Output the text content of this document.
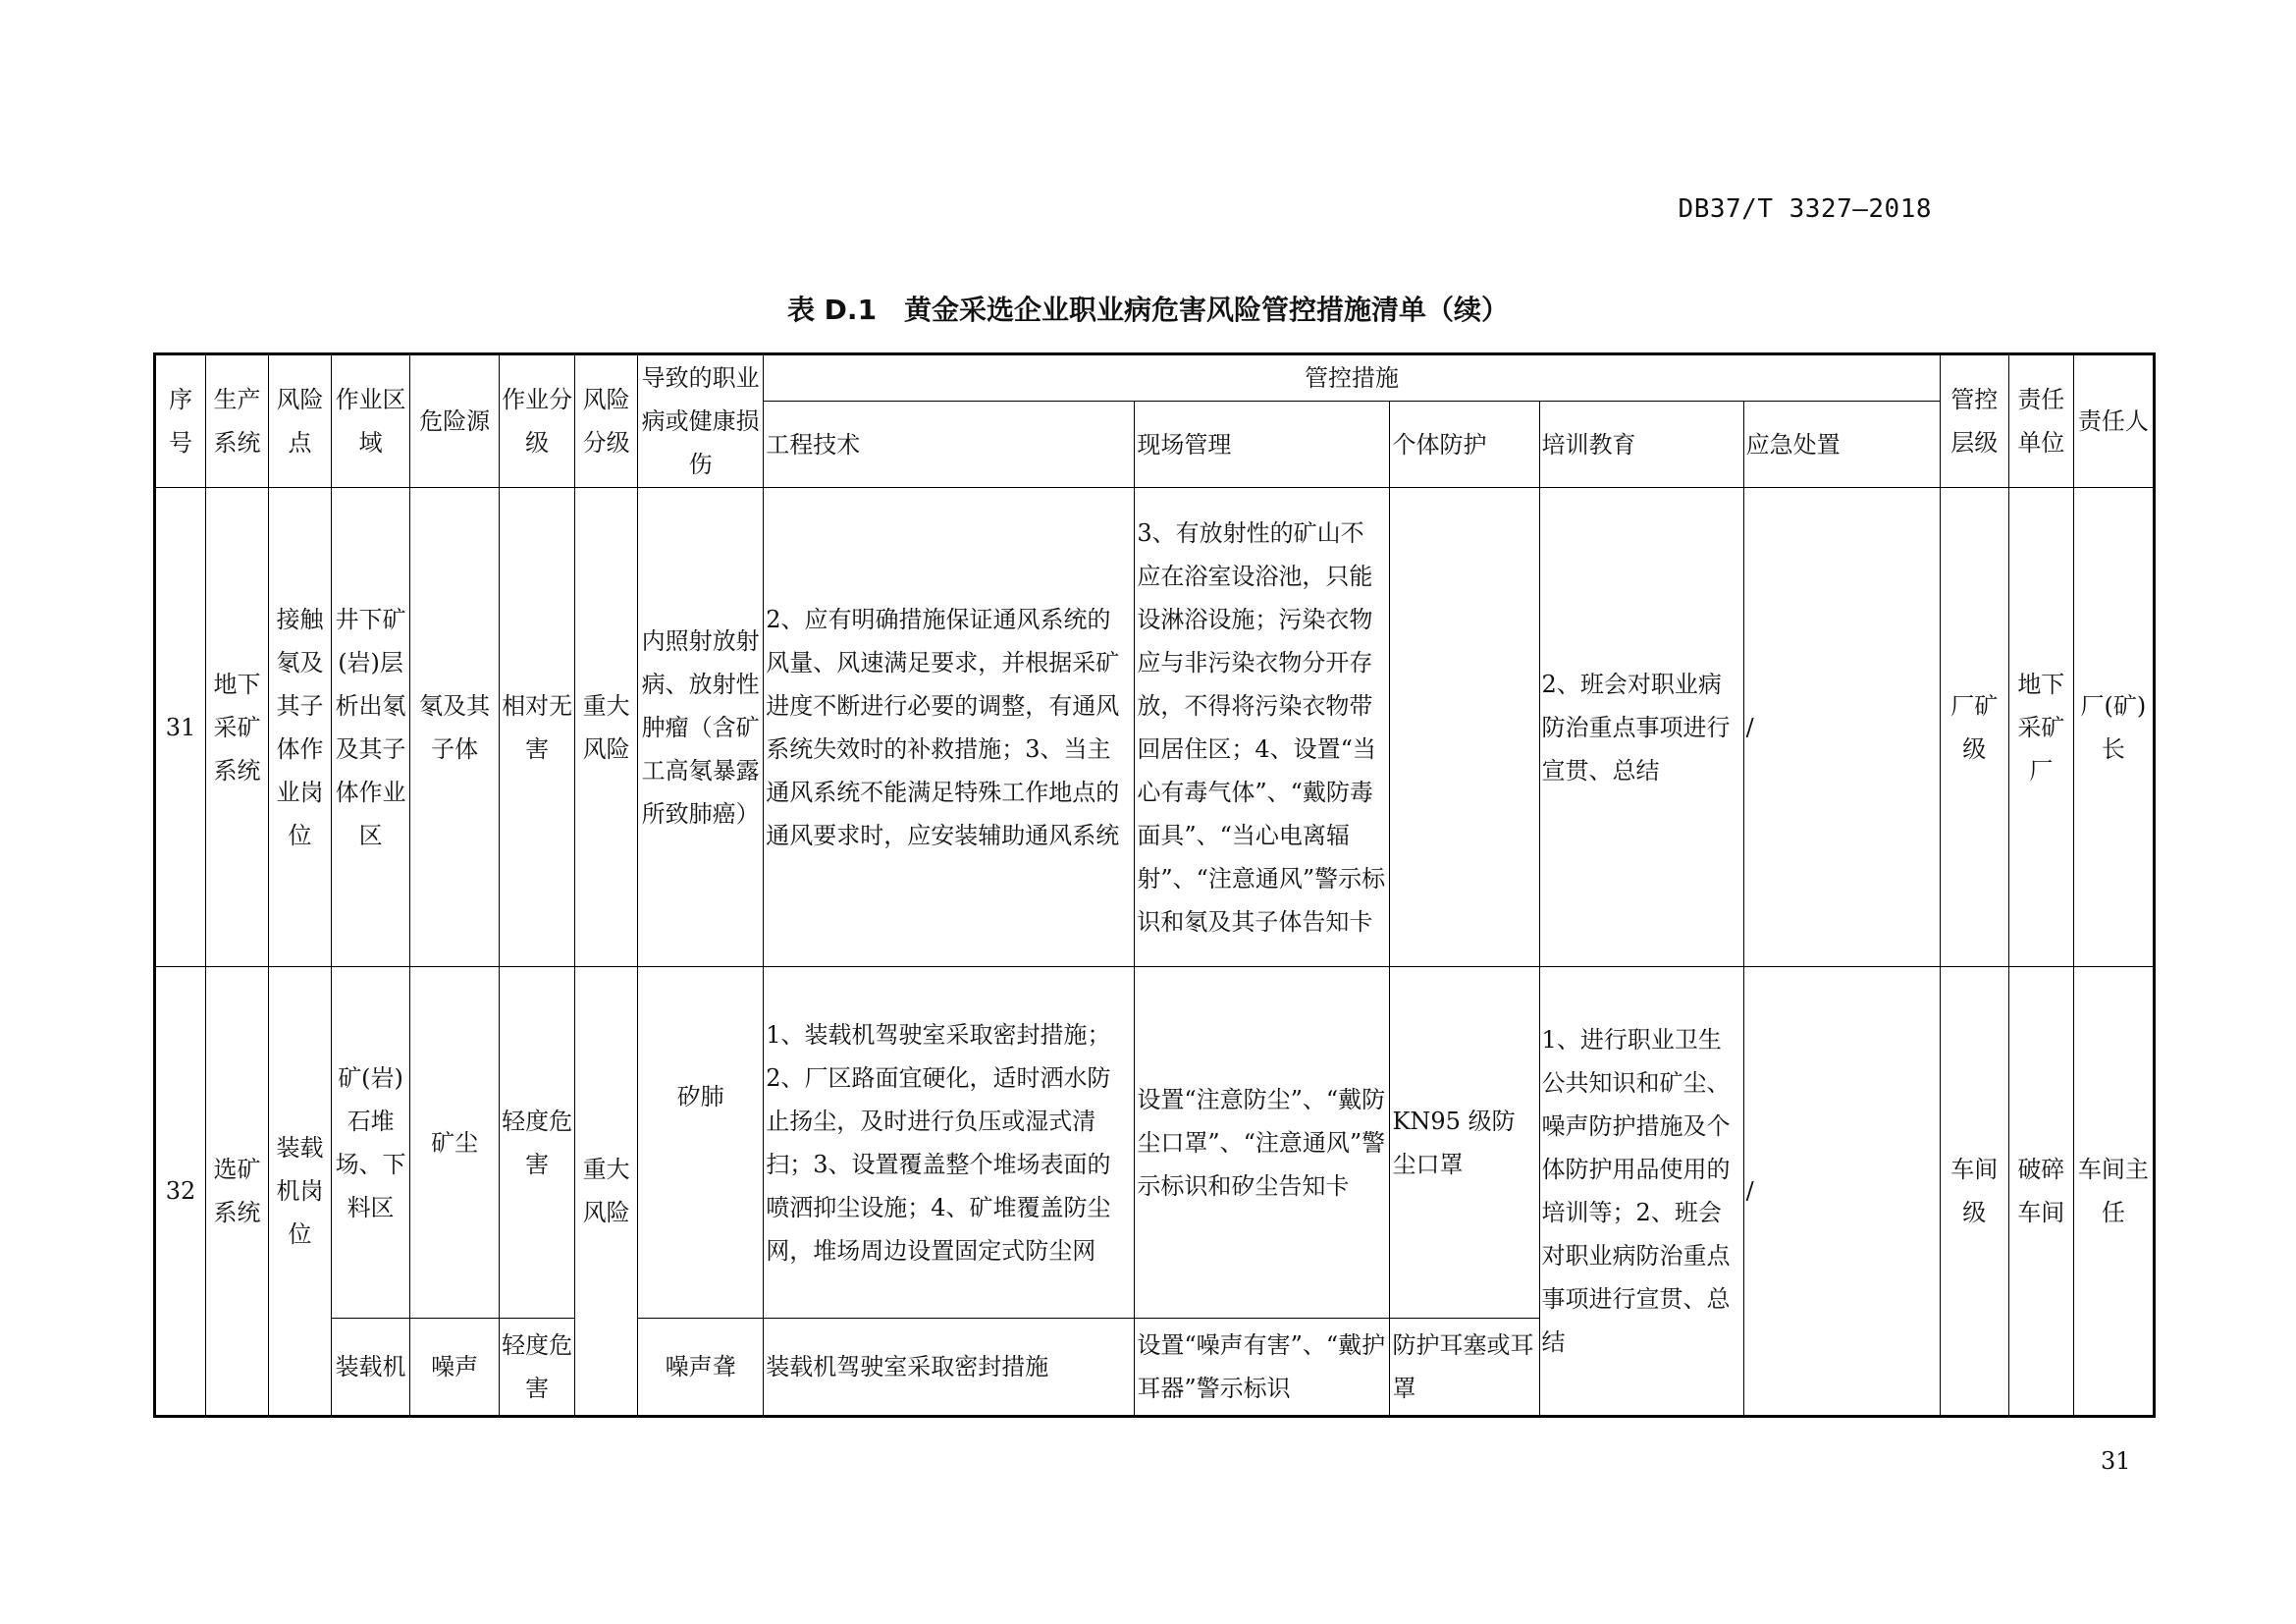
DB37/T 3327—2018
表 D.1　黄金采选企业职业病危害风险管控措施清单（续）
序号	生产系统	风险点	作业区域	危险源	作业分级	风险分级	导致的职业病或健康损伤	管控措施					管控层级	责任单位	责任人
								工程技术	现场管理	个体防护	培训教育	应急处置			
31	地下采矿系统	接触氡及其子体作业岗位	井下矿(岩)层析出氡及其子体作业区	氡及其子体	相对无害	重大风险	内照射放射病、放射性肿瘤（含矿工高氡暴露所致肺癌）	2、应有明确措施保证通风系统的风量、风速满足要求，并根据采矿进度不断进行必要的调整，有通风系统失效时的补救措施；3、当主通风系统不能满足特殊工作地点的通风要求时，应安装辅助通风系统	3、有放射性的矿山不应在浴室设浴池，只能设淋浴设施；污染衣物应与非污染衣物分开存放，不得将污染衣物带回居住区；4、设置“当心有毒气体”、“戴防毒面具”、“当心电离辐射”、“注意通风”警示标识和氡及其子体告知卡		2、班会对职业病防治重点事项进行宣贯、总结	/	厂矿级	地下采矿厂	厂(矿)长
32	选矿系统	装载机岗位	矿(岩)石堆场、下料区	矿尘	轻度危害	重大风险	矽肺	1、装载机驾驶室采取密封措施；2、厂区路面宜硬化，适时洒水防止扬尘，及时进行负压或湿式清扫；3、设置覆盖整个堆场表面的喷洒抑尘设施；4、矿堆覆盖防尘网，堆场周边设置固定式防尘网	设置“注意防尘”、“戴防尘口罩”、“注意通风”警示标识和矽尘告知卡	KN95 级防尘口罩	1、进行职业卫生公共知识和矿尘、噪声防护措施及个体防护用品使用的培训等；2、班会对职业病防治重点事项进行宣贯、总结	/	车间级	破碎车间	车间主任
			装载机	噪声	轻度危害		噪声聋	装载机驾驶室采取密封措施	设置“噪声有害”、“戴护耳器”警示标识	防护耳塞或耳罩					
31
